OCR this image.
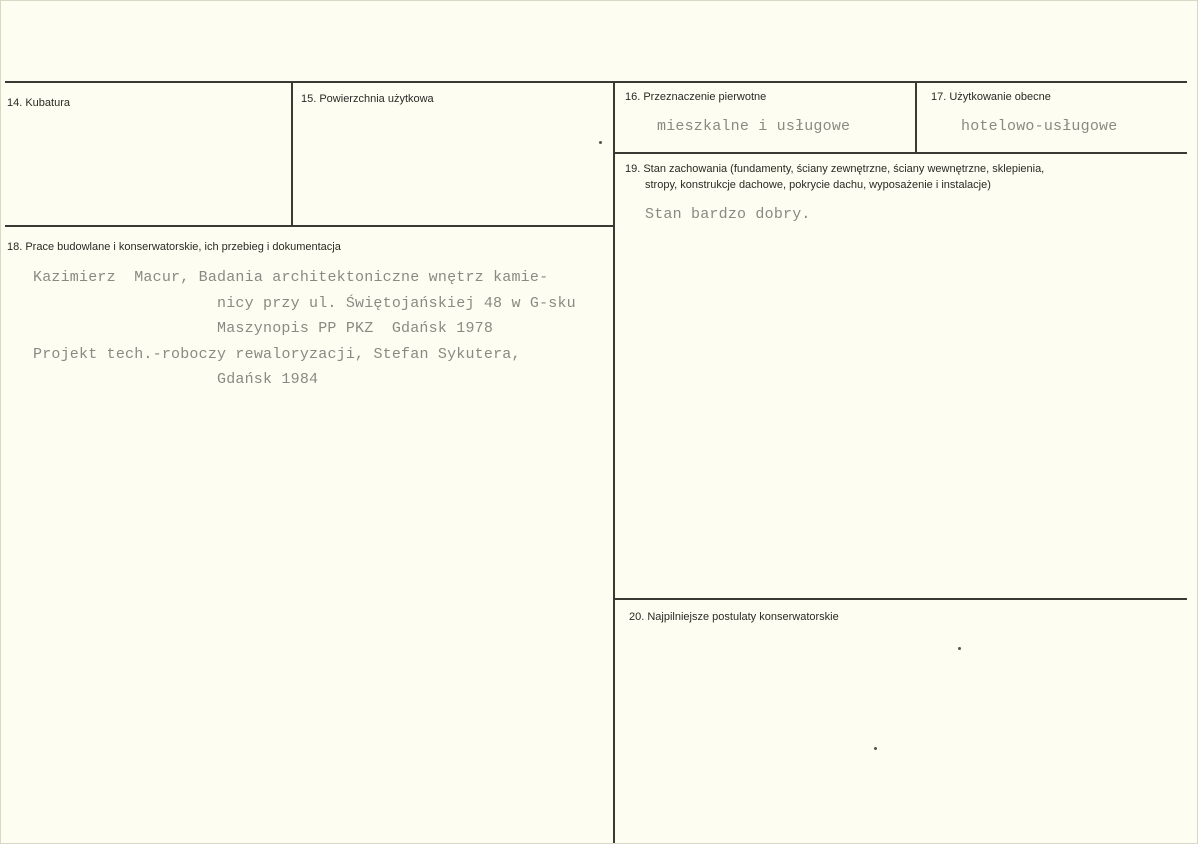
14. Kubatura	15. Powierzchnia użytkowa	16. Przeznaczenie pierwotne
mieszkalne i usługowe
17. Użytkowanie obecne
hotelowo-usługowe
19. Stan zachowania (fundamenty, ściany zewnętrzne, ściany wewnętrzne, sklepienia,
stropy, konstrukcje dachowe, pokrycie dachu, wyposażenie i instalacje)
Stan bardzo dobry.
18. Prace budowlane i konserwatorskie, ich przebieg i dokumentacja
Kazimierz  Macur, Badania architektoniczne wnętrz kamie-
nicy przy ul. Świętojańskiej 48 w G-sku
Maszynopis PP PKZ  Gdańsk 1978
Projekt tech.-roboczy rewaloryzacji, Stefan Sykutera,
Gdańsk 1984
20. Najpilniejsze postulaty konserwatorskie
